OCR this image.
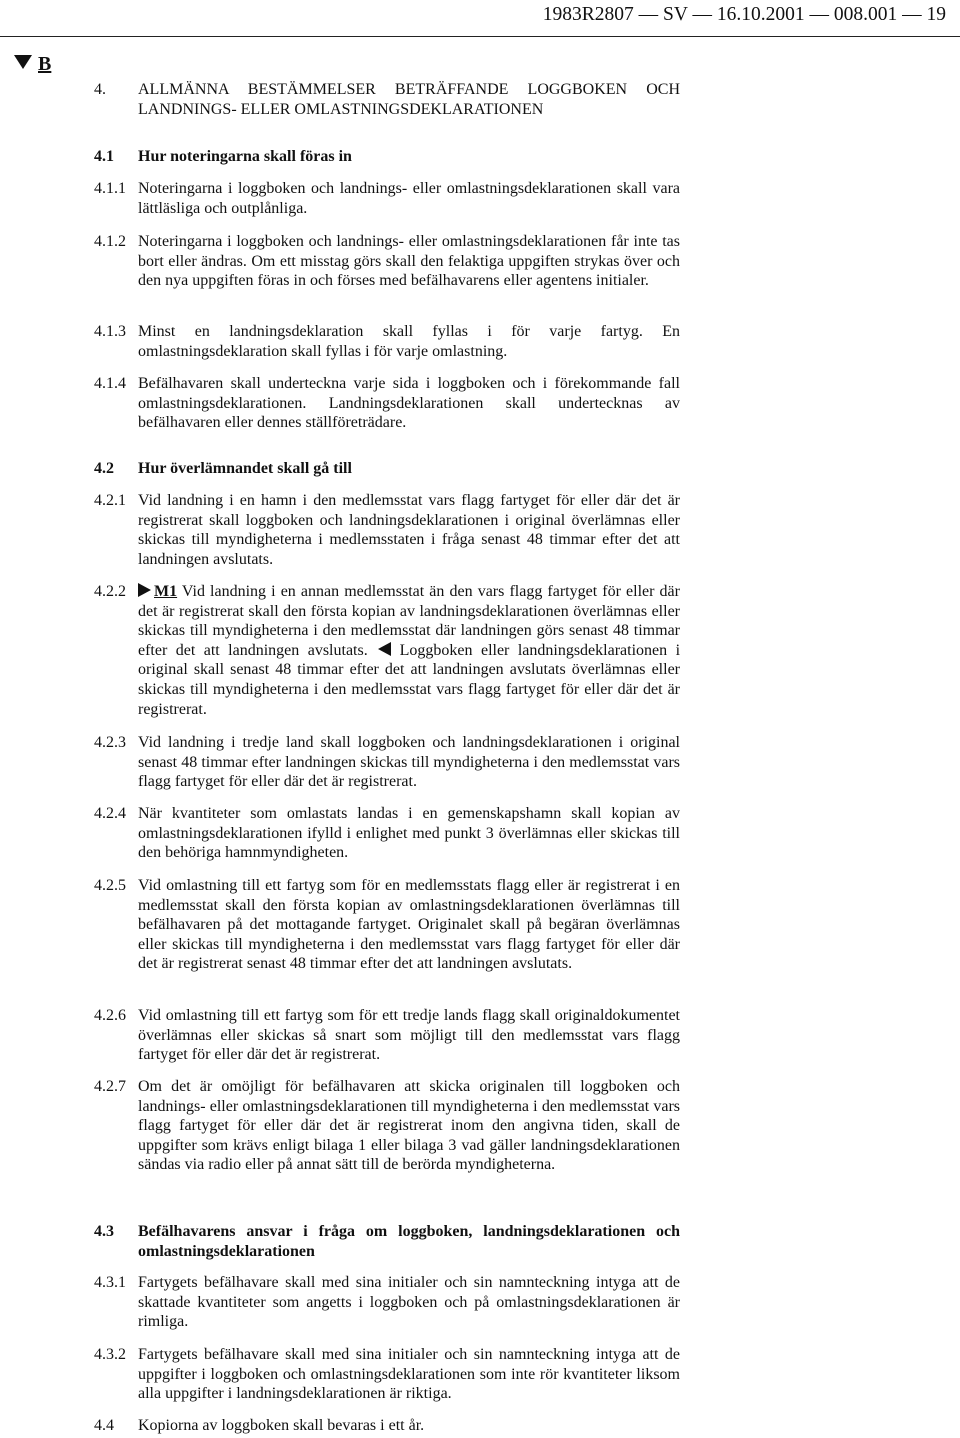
1983R2807 — SV — 16.10.2001 — 008.001 — 19
B
4. ALLMÄNNA BESTÄMMELSER BETRÄFFANDE LOGGBOKEN OCH LANDNINGS- ELLER OMLASTNINGSDEKLARATIONEN
4.1 Hur noteringarna skall föras in
4.1.1 Noteringarna i loggboken och landnings- eller omlastningsdeklarationen skall vara lättläsliga och outplånliga.
4.1.2 Noteringarna i loggboken och landnings- eller omlastningsdeklarationen får inte tas bort eller ändras. Om ett misstag görs skall den felaktiga uppgiften strykas över och den nya uppgiften föras in och förses med befälhavarens eller agentens initialer.
4.1.3 Minst en landningsdeklaration skall fyllas i för varje fartyg. En omlastningsdeklaration skall fyllas i för varje omlastning.
4.1.4 Befälhavaren skall underteckna varje sida i loggboken och i förekommande fall omlastningsdeklarationen. Landningsdeklarationen skall undertecknas av befälhavaren eller dennes ställföreträdare.
4.2 Hur överlämnandet skall gå till
4.2.1 Vid landning i en hamn i den medlemsstat vars flagg fartyget för eller där det är registrerat skall loggboken och landningsdeklarationen i original överlämnas eller skickas till myndigheterna i medlemsstaten i fråga senast 48 timmar efter det att landningen avslutats.
4.2.2	M1 Vid landning i en annan medlemsstat än den vars flagg fartyget för eller där det är registrerat skall den första kopian av landningsdeklarationen överlämnas eller skickas till myndigheterna i den medlemsstat där landningen görs senast 48 timmar efter det att landningen avslutats. Loggboken eller landningsdeklarationen i original skall senast 48 timmar efter det att landningen avslutats överlämnas eller skickas till myndigheterna i den medlemsstat vars flagg fartyget för eller där det är registrerat.
4.2.3 Vid landning i tredje land skall loggboken och landningsdeklarationen i original senast 48 timmar efter landningen skickas till myndigheterna i den medlemsstat vars flagg fartyget för eller där det är registrerat.
4.2.4 När kvantiteter som omlastats landas i en gemenskapshamn skall kopian av omlastningsdeklarationen ifylld i enlighet med punkt 3 överlämnas eller skickas till den behöriga hamnmyndigheten.
4.2.5 Vid omlastning till ett fartyg som för en medlemsstats flagg eller är registrerat i en medlemsstat skall den första kopian av omlastningsdeklarationen överlämnas till befälhavaren på det mottagande fartyget. Originalet skall på begäran överlämnas eller skickas till myndigheterna i den medlemsstat vars flagg fartyget för eller där det är registrerat senast 48 timmar efter det att landningen avslutats.
4.2.6 Vid omlastning till ett fartyg som för ett tredje lands flagg skall originaldokumentet överlämnas eller skickas så snart som möjligt till den medlemsstat vars flagg fartyget för eller där det är registrerat.
4.2.7 Om det är omöjligt för befälhavaren att skicka originalen till loggboken och landnings- eller omlastningsdeklarationen till myndigheterna i den medlemsstat vars flagg fartyget för eller där det är registrerat inom den angivna tiden, skall de uppgifter som krävs enligt bilaga 1 eller bilaga 3 vad gäller landningsdeklarationen sändas via radio eller på annat sätt till de berörda myndigheterna.
4.3 Befälhavarens ansvar i fråga om loggboken, landningsdeklarationen och omlastningsdeklarationen
4.3.1 Fartygets befälhavare skall med sina initialer och sin namnteckning intyga att de skattade kvantiteter som angetts i loggboken och på omlastningsdeklarationen är rimliga.
4.3.2 Fartygets befälhavare skall med sina initialer och sin namnteckning intyga att de uppgifter i loggboken och omlastningsdeklarationen som inte rör kvantiteter liksom alla uppgifter i landningsdeklarationen är riktiga.
4.4 Kopiorna av loggboken skall bevaras i ett år.
